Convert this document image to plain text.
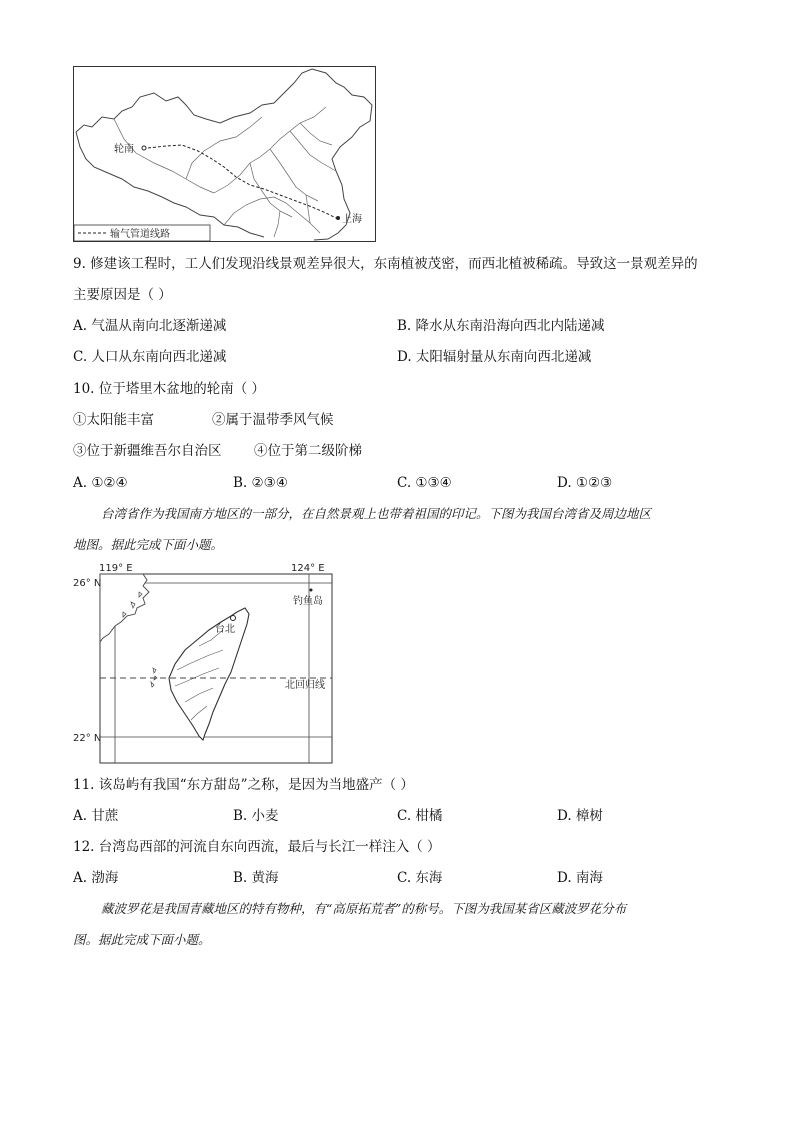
轮南
上海
输气管道线路
9. 修建该工程时，工人们发现沿线景观差异很大，东南植被茂密，而西北植被稀疏。导致这一景观差异的
主要原因是（ ）
A. 气温从南向北逐渐递减	B. 降水从东南沿海向西北内陆递减
C. 人口从东南向西北递减	D. 太阳辐射量从东南向西北递减
10. 位于塔里木盆地的轮南（ ）
①太阳能丰富	②属于温带季风气候
③位于新疆维吾尔自治区 ④位于第二级阶梯
A. ①②④	B. ②③④	C. ①③④	D. ①②③
台湾省作为我国南方地区的一部分，在自然景观上也带着祖国的印记。下图为我国台湾省及周边地区
地图。据此完成下面小题。
119° E	124° E
26° N
22° N
钓鱼岛
台北
北回归线
11. 该岛屿有我国“东方甜岛”之称，是因为当地盛产（ ）
A. 甘蔗	B. 小麦	C. 柑橘	D. 樟树
12. 台湾岛西部的河流自东向西流，最后与长江一样注入（ ）
A. 渤海	B. 黄海	C. 东海	D. 南海
藏波罗花是我国青藏地区的特有物种，有“高原拓荒者”的称号。下图为我国某省区藏波罗花分布
图。据此完成下面小题。
